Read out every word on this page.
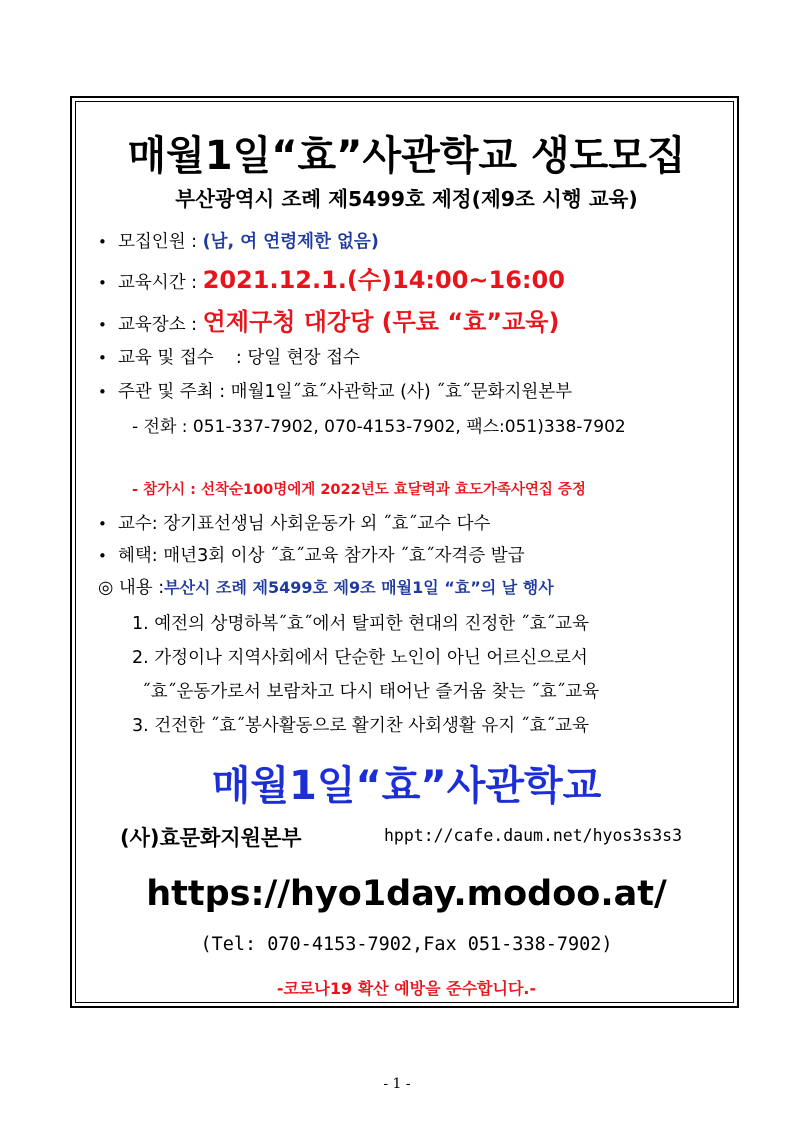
매월1일“효”사관학교 생도모집
부산광역시 조례 제5499호 제정(제9조 시행 교육)
• 모집인원 : (남, 여 연령제한 없음)
• 교육시간 : 2021.12.1.(수)14:00~16:00
• 교육장소 : 연제구청 대강당 (무료 “효”교육)
• 교육 및 접수    : 당일 현장 접수
• 주관 및 주최 : 매월1일˝효˝사관학교 (사) ˝효˝문화지원본부
- 전화 : 051-337-7902, 070-4153-7902, 팩스:051)338-7902
- 참가시 : 선착순100명에게 2022년도 효달력과 효도가족사연집 증정
• 교수: 장기표선생님 사회운동가 외 ˝효˝교수 다수
• 혜택: 매년3회 이상 ˝효˝교육 참가자 ˝효˝자격증 발급
◎ 내용 :부산시 조례 제5499호 제9조 매월1일 “효”의 날 행사
1. 예전의 상명하복˝효˝에서 탈피한 현대의 진정한 ˝효˝교육
2. 가정이나 지역사회에서 단순한 노인이 아닌 어르신으로서
˝효˝운동가로서 보람차고 다시 태어난 즐거움 찾는 ˝효˝교육
3. 건전한 ˝효˝봉사활동으로 활기찬 사회생활 유지 ˝효˝교육
매월1일“효”사관학교
(사)효문화지원본부	hppt://cafe.daum.net/hyos3s3s3
https://hyo1day.modoo.at/
(Tel: 070-4153-7902,Fax 051-338-7902)
-코로나19 확산 예방을 준수합니다.-
- 1 -
